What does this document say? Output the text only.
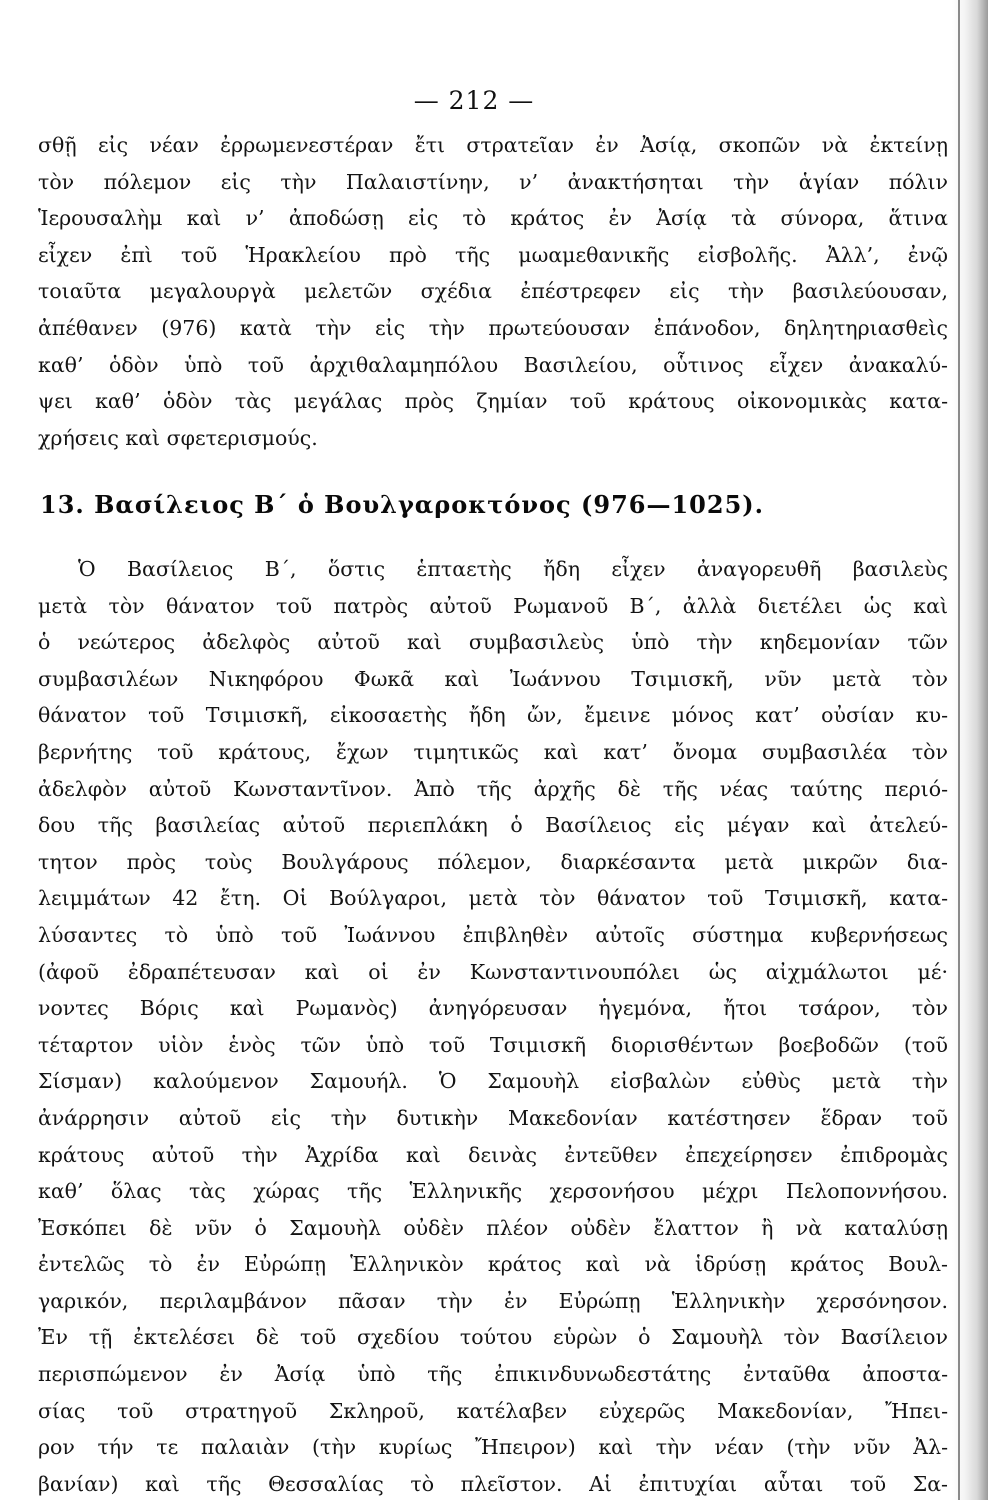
— 212 —
σθῇ εἰς νέαν ἐρρωμενεστέραν ἔτι στρατεῖαν ἐν Ἀσίᾳ, σκοπῶν νὰ ἐκτείνῃ
τὸν πόλεμον εἰς τὴν Παλαιστίνην, ν’ ἀνακτήσηται τὴν ἁγίαν πόλιν
Ἱερουσαλὴμ καὶ ν’ ἀποδώσῃ εἰς τὸ κράτος ἐν Ἀσίᾳ τὰ σύνορα, ἅτινα
εἶχεν ἐπὶ τοῦ Ἡρακλείου πρὸ τῆς μωαμεθανικῆς εἰσβολῆς. Ἀλλ’, ἐνῷ
τοιαῦτα μεγαλουργὰ μελετῶν σχέδια ἐπέστρεφεν εἰς τὴν βασιλεύουσαν,
ἀπέθανεν (976) κατὰ τὴν εἰς τὴν πρωτεύουσαν ἐπάνοδον, δηλητηριασθεὶς
καθ’ ὁδὸν ὑπὸ τοῦ ἀρχιθαλαμηπόλου Βασιλείου, οὗτινος εἶχεν ἀνακαλύ-
ψει καθ’ ὁδὸν τὰς μεγάλας πρὸς ζημίαν τοῦ κράτους οἰκονομικὰς κατα-
χρήσεις καὶ σφετερισμούς.
13. Βασίλειος Β΄ ὁ Βουλγαροκτόνος (976—1025).
Ὁ Βασίλειος Β΄, ὅστις ἑπταετὴς ἤδη εἶχεν ἀναγορευθῆ βασιλεὺς
μετὰ τὸν θάνατον τοῦ πατρὸς αὐτοῦ Ρωμανοῦ Β΄, ἀλλὰ διετέλει ὡς καὶ
ὁ νεώτερος ἀδελφὸς αὐτοῦ καὶ συμβασιλεὺς ὑπὸ τὴν κηδεμονίαν τῶν
συμβασιλέων Νικηφόρου Φωκᾶ καὶ Ἰωάννου Τσιμισκῆ, νῦν μετὰ τὸν
θάνατον τοῦ Τσιμισκῆ, εἰκοσαετὴς ἤδη ὤν, ἔμεινε μόνος κατ’ οὐσίαν κυ-
βερνήτης τοῦ κράτους, ἔχων τιμητικῶς καὶ κατ’ ὄνομα συμβασιλέα τὸν
ἀδελφὸν αὐτοῦ Κωνσταντῖνον. Ἀπὸ τῆς ἀρχῆς δὲ τῆς νέας ταύτης περιό-
δου τῆς βασιλείας αὐτοῦ περιεπλάκη ὁ Βασίλειος εἰς μέγαν καὶ ἀτελεύ-
τητον πρὸς τοὺς Βουλγάρους πόλεμον, διαρκέσαντα μετὰ μικρῶν δια-
λειμμάτων 42 ἔτη. Οἱ Βούλγαροι, μετὰ τὸν θάνατον τοῦ Τσιμισκῆ, κατα-
λύσαντες τὸ ὑπὸ τοῦ Ἰωάννου ἐπιβληθὲν αὐτοῖς σύστημα κυβερνήσεως
(ἀφοῦ ἐδραπέτευσαν καὶ οἱ ἐν Κωνσταντινουπόλει ὡς αἰχμάλωτοι μέ·
νοντες Βόρις καὶ Ρωμανὸς) ἀνηγόρευσαν ἡγεμόνα, ἤτοι τσάρον, τὸν
τέταρτον υἱὸν ἑνὸς τῶν ὑπὸ τοῦ Τσιμισκῆ διορισθέντων βοεβοδῶν (τοῦ
Σίσμαν) καλούμενον Σαμουήλ. Ὁ Σαμουὴλ εἰσβαλὼν εὐθὺς μετὰ τὴν
ἀνάρρησιν αὐτοῦ εἰς τὴν δυτικὴν Μακεδονίαν κατέστησεν ἕδραν τοῦ
κράτους αὐτοῦ τὴν Ἀχρίδα καὶ δεινὰς ἐντεῦθεν ἐπεχείρησεν ἐπιδρομὰς
καθ’ ὅλας τὰς χώρας τῆς Ἑλληνικῆς χερσονήσου μέχρι Πελοποννήσου.
Ἐσκόπει δὲ νῦν ὁ Σαμουὴλ οὐδὲν πλέον οὐδὲν ἔλαττον ἢ νὰ καταλύσῃ
ἐντελῶς τὸ ἐν Εὐρώπῃ Ἑλληνικὸν κράτος καὶ νὰ ἱδρύσῃ κράτος Βουλ-
γαρικόν, περιλαμβάνον πᾶσαν τὴν ἐν Εὐρώπῃ Ἑλληνικὴν χερσόνησον.
Ἐν τῇ ἐκτελέσει δὲ τοῦ σχεδίου τούτου εὑρὼν ὁ Σαμουὴλ τὸν Βασίλειον
περισπώμενον ἐν Ἀσίᾳ ὑπὸ τῆς ἐπικινδυνωδεστάτης ἐνταῦθα ἀποστα-
σίας τοῦ στρατηγοῦ Σκληροῦ, κατέλαβεν εὐχερῶς Μακεδονίαν, Ἤπει-
ρον τήν τε παλαιὰν (τὴν κυρίως Ἤπειρον) καὶ τὴν νέαν (τὴν νῦν Ἀλ-
βανίαν) καὶ τῆς Θεσσαλίας τὸ πλεῖστον. Αἱ ἐπιτυχίαι αὗται τοῦ Σα-
